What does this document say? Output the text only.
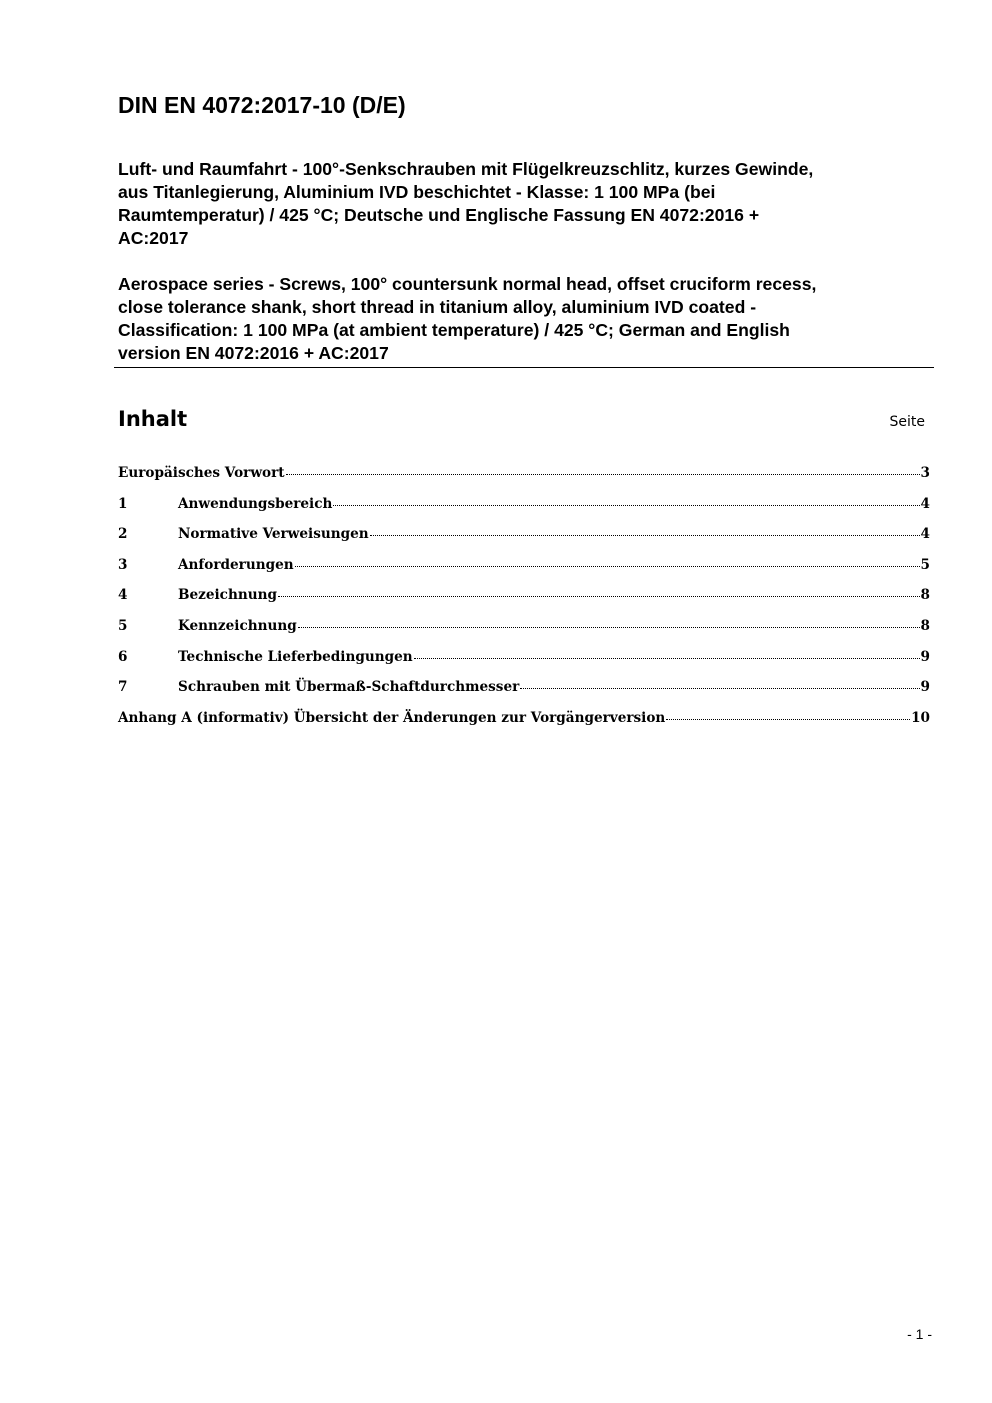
DIN EN 4072:2017-10 (D/E)

Luft- und Raumfahrt - 100°-Senkschrauben mit Flügelkreuzschlitz, kurzes Gewinde,
aus Titanlegierung, Aluminium IVD beschichtet - Klasse: 1 100 MPa (bei
Raumtemperatur) / 425 °C; Deutsche und Englische Fassung EN 4072:2016 +
AC:2017

Aerospace series - Screws, 100° countersunk normal head, offset cruciform recess,
close tolerance shank, short thread in titanium alloy, aluminium IVD coated -
Classification: 1 100 MPa (at ambient temperature) / 425 °C; German and English
version EN 4072:2016 + AC:2017

Inhalt	Seite
Europäisches Vorwort	3
1	Anwendungsbereich	4
2	Normative Verweisungen	4
3	Anforderungen	5
4	Bezeichnung	8
5	Kennzeichnung	8
6	Technische Lieferbedingungen	9
7	Schrauben mit Übermaß-Schaftdurchmesser	9
Anhang A (informativ) Übersicht der Änderungen zur Vorgängerversion	10
- 1 -
